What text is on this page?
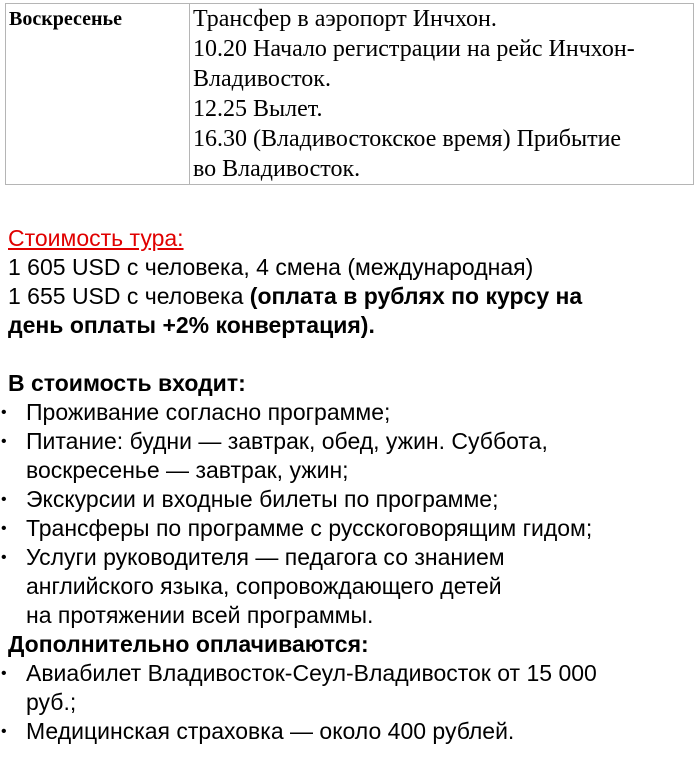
Воскресенье	Трансфер в аэропорт Инчхон.
10.20 Начало регистрации на рейс Инчхон-
Владивосток.
12.25 Вылет.
16.30 (Владивостокское время) Прибытие
во Владивосток.
Стоимость тура:
1 605 USD с человека, 4 смена (международная)
1 655 USD с человека (оплата в рублях по курсу на
день оплаты +2% конвертация).
В стоимость входит:
• Проживание согласно программе;
• Питание: будни — завтрак, обед, ужин. Суббота,
воскресенье — завтрак, ужин;
• Экскурсии и входные билеты по программе;
• Трансферы по программе с русскоговорящим гидом;
• Услуги руководителя — педагога со знанием
английского языка, сопровождающего детей
на протяжении всей программы.
Дополнительно оплачиваются:
• Авиабилет Владивосток-Сеул-Владивосток от 15 000
руб.;
• Медицинская страховка — около 400 рублей.
